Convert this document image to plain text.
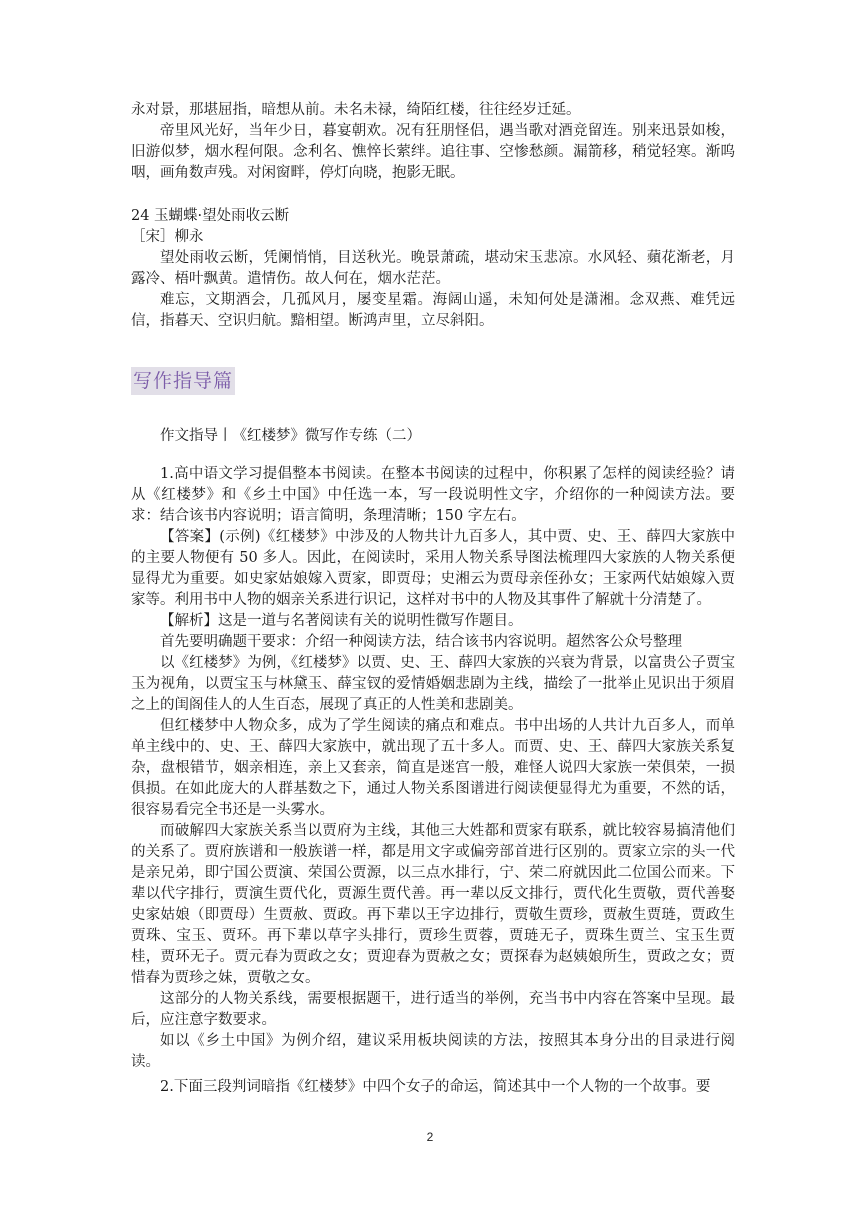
永对景，那堪屈指，暗想从前。未名未禄，绮陌红楼，往往经岁迁延。

帝里风光好，当年少日，暮宴朝欢。况有狂朋怪侣，遇当歌对酒竞留连。别来迅景如梭，旧游似梦，烟水程何限。念利名、憔悴长萦绊。追往事、空惨愁颜。漏箭移，稍觉轻寒。渐呜咽，画角数声残。对闲窗畔，停灯向晓，抱影无眠。

24 玉蝴蝶·望处雨收云断

［宋］柳永

望处雨收云断，凭阑悄悄，目送秋光。晚景萧疏，堪动宋玉悲凉。水风轻、蘋花渐老，月露冷、梧叶飘黄。遣情伤。故人何在，烟水茫茫。

难忘，文期酒会，几孤风月，屡变星霜。海阔山遥，未知何处是潇湘。念双燕、难凭远信，指暮天、空识归航。黯相望。断鸿声里，立尽斜阳。

写作指导篇

作文指导丨《红楼梦》微写作专练（二）

1.高中语文学习提倡整本书阅读。在整本书阅读的过程中，你积累了怎样的阅读经验？请从《红楼梦》和《乡土中国》中任选一本，写一段说明性文字，介绍你的一种阅读方法。要求：结合该书内容说明；语言简明，条理清晰；150 字左右。

【答案】(示例)《红楼梦》中涉及的人物共计九百多人，其中贾、史、王、薛四大家族中的主要人物便有 50 多人。因此，在阅读时，采用人物关系导图法梳理四大家族的人物关系便显得尤为重要。如史家姑娘嫁入贾家，即贾母；史湘云为贾母亲侄孙女；王家两代姑娘嫁入贾家等。利用书中人物的姻亲关系进行识记，这样对书中的人物及其事件了解就十分清楚了。

【解析】这是一道与名著阅读有关的说明性微写作题目。

首先要明确题干要求：介绍一种阅读方法，结合该书内容说明。超然客公众号整理

以《红楼梦》为例，《红楼梦》以贾、史、王、薛四大家族的兴衰为背景，以富贵公子贾宝玉为视角，以贾宝玉与林黛玉、薛宝钗的爱情婚姻悲剧为主线，描绘了一批举止见识出于须眉之上的闺阁佳人的人生百态，展现了真正的人性美和悲剧美。

但红楼梦中人物众多，成为了学生阅读的痛点和难点。书中出场的人共计九百多人，而单单主线中的、史、王、薛四大家族中，就出现了五十多人。而贾、史、王、薛四大家族关系复杂，盘根错节，姻亲相连，亲上又套亲，简直是迷宫一般，难怪人说四大家族一荣俱荣，一损俱损。在如此庞大的人群基数之下，通过人物关系图谱进行阅读便显得尤为重要，不然的话，很容易看完全书还是一头雾水。

而破解四大家族关系当以贾府为主线，其他三大姓都和贾家有联系，就比较容易搞清他们的关系了。贾府族谱和一般族谱一样，都是用文字或偏旁部首进行区别的。贾家立宗的头一代是亲兄弟，即宁国公贾演、荣国公贾源，以三点水排行，宁、荣二府就因此二位国公而来。下辈以代字排行，贾演生贾代化，贾源生贾代善。再一辈以反文排行，贾代化生贾敬，贾代善娶史家姑娘（即贾母）生贾赦、贾政。再下辈以王字边排行，贾敬生贾珍，贾赦生贾琏，贾政生贾珠、宝玉、贾环。再下辈以草字头排行，贾珍生贾蓉，贾琏无子，贾珠生贾兰、宝玉生贾桂，贾环无子。贾元春为贾政之女；贾迎春为贾赦之女；贾探春为赵姨娘所生，贾政之女；贾惜春为贾珍之妹，贾敬之女。

这部分的人物关系线，需要根据题干，进行适当的举例，充当书中内容在答案中呈现。最后，应注意字数要求。

如以《乡土中国》为例介绍，建议采用板块阅读的方法，按照其本身分出的目录进行阅读。

2.下面三段判词暗指《红楼梦》中四个女子的命运，简述其中一个人物的一个故事。要

2
